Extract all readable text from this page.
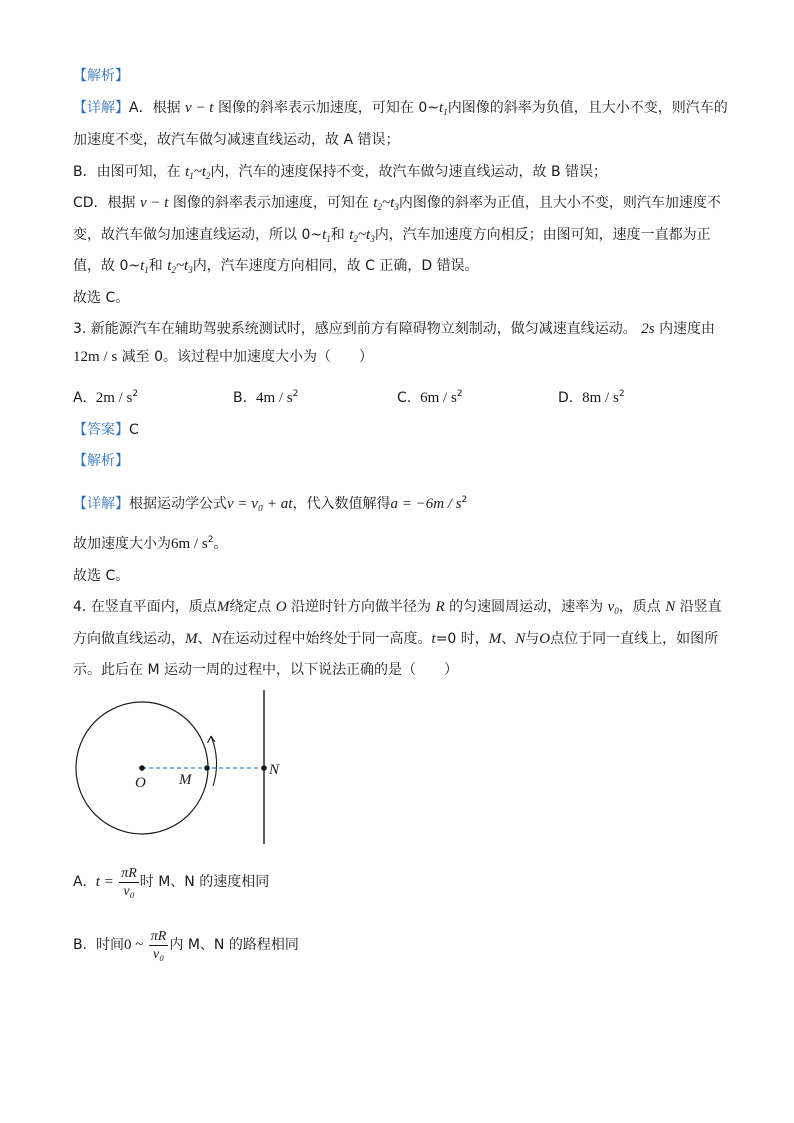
【解析】
【详解】A．根据 v − t 图像的斜率表示加速度，可知在 $0\sim t_1$内图像的斜率为负值，且大小不变，则汽车的
加速度不变，故汽车做匀减速直线运动，故 A 错误；
B．由图可知，在 $t_1\sim t_2$内，汽车的速度保持不变，故汽车做匀速直线运动，故 B 错误；
CD．根据 v − t 图像的斜率表示加速度，可知在 $t_2\sim t_3$内图像的斜率为正值，且大小不变，则汽车加速度不
变，故汽车做匀加速直线运动，所以 $0\sim t_1$和 $t_2\sim t_3$内，汽车加速度方向相反；由图可知，速度一直都为正
值，故 $0\sim t_1$和 $t_2\sim t_3$内，汽车速度方向相同，故 C 正确，D 错误。
故选 C。
3. 新能源汽车在辅助驾驶系统测试时，感应到前方有障碍物立刻制动，做匀减速直线运动。 2s 内速度由
12m / s 减至 0。该过程中加速度大小为（　　）
A. $2m / s^2$	B. $4m / s^2$	C. $6m / s^2$	D. $8m / s^2$
【答案】C
【解析】
【详解】根据运动学公式v = v₀ + at，代入数值解得$a = -6m / s^2$
故加速度大小为$6m / s^2$。
故选 C。
4. 在竖直平面内，质点M绕定点 O 沿逆时针方向做半径为 R 的匀速圆周运动，速率为 $v_0$，质点 N 沿竖直
方向做直线运动，M、N在运动过程中始终处于同一高度。t=0 时，M、N与O点位于同一直线上，如图所
示。此后在 M 运动一周的过程中，以下说法正确的是（　　）
O M
N
A. $t = \frac{\pi R}{\text{v₀}}$ 时 M、N 的速度相同
B. 时间0 ~ $\frac{\pi R}{\text{v₀}}$ 内 M、N 的路程相同
